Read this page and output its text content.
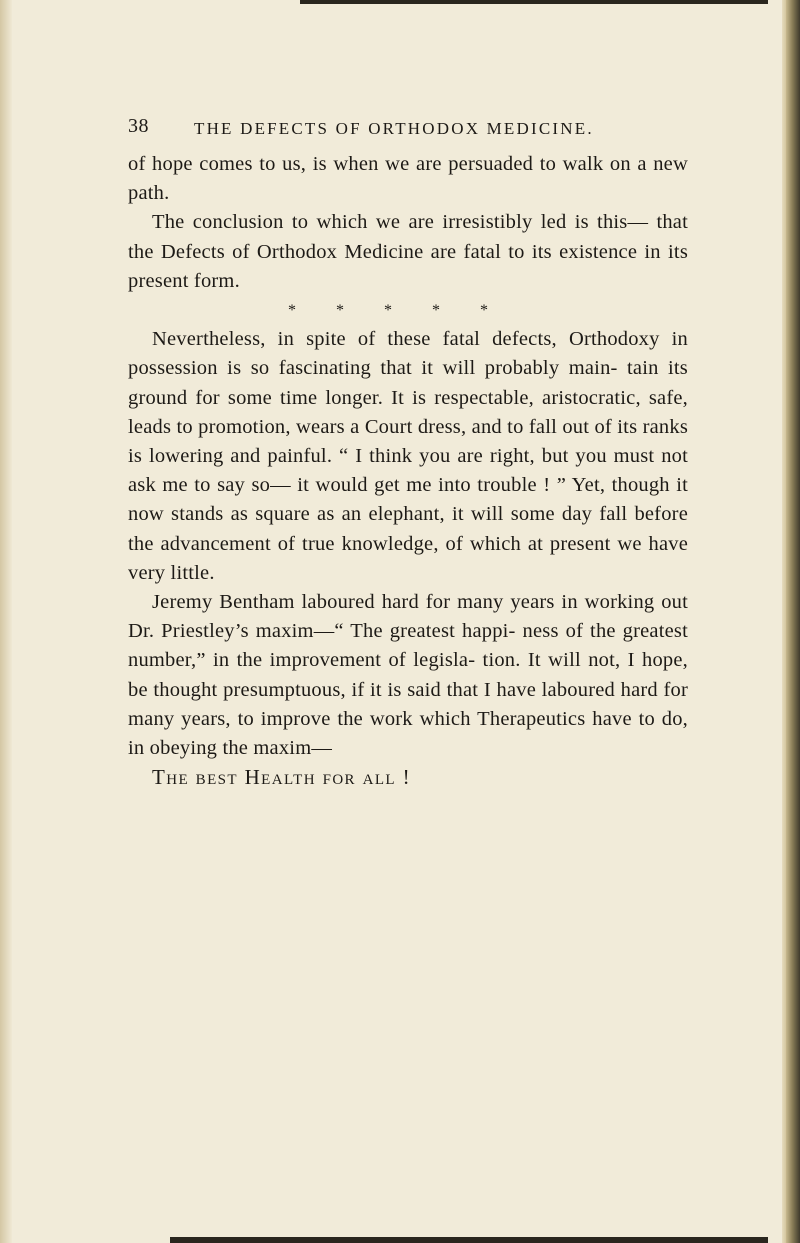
38	THE DEFECTS OF ORTHODOX MEDICINE.

of hope comes to us, is when we are persuaded to walk on a new path.

The conclusion to which we are irresistibly led is this— that the Defects of Orthodox Medicine are fatal to its existence in its present form.

* * * * *

Nevertheless, in spite of these fatal defects, Orthodoxy in possession is so fascinating that it will probably main- tain its ground for some time longer. It is respectable, aristocratic, safe, leads to promotion, wears a Court dress, and to fall out of its ranks is lowering and painful. “ I think you are right, but you must not ask me to say so— it would get me into trouble ! ” Yet, though it now stands as square as an elephant, it will some day fall before the advancement of true knowledge, of which at present we have very little.

Jeremy Bentham laboured hard for many years in working out Dr. Priestley’s maxim—“ The greatest happi- ness of the greatest number,” in the improvement of legisla- tion. It will not, I hope, be thought presumptuous, if it is said that I have laboured hard for many years, to improve the work which Therapeutics have to do, in obeying the maxim—

The best Health for all !
